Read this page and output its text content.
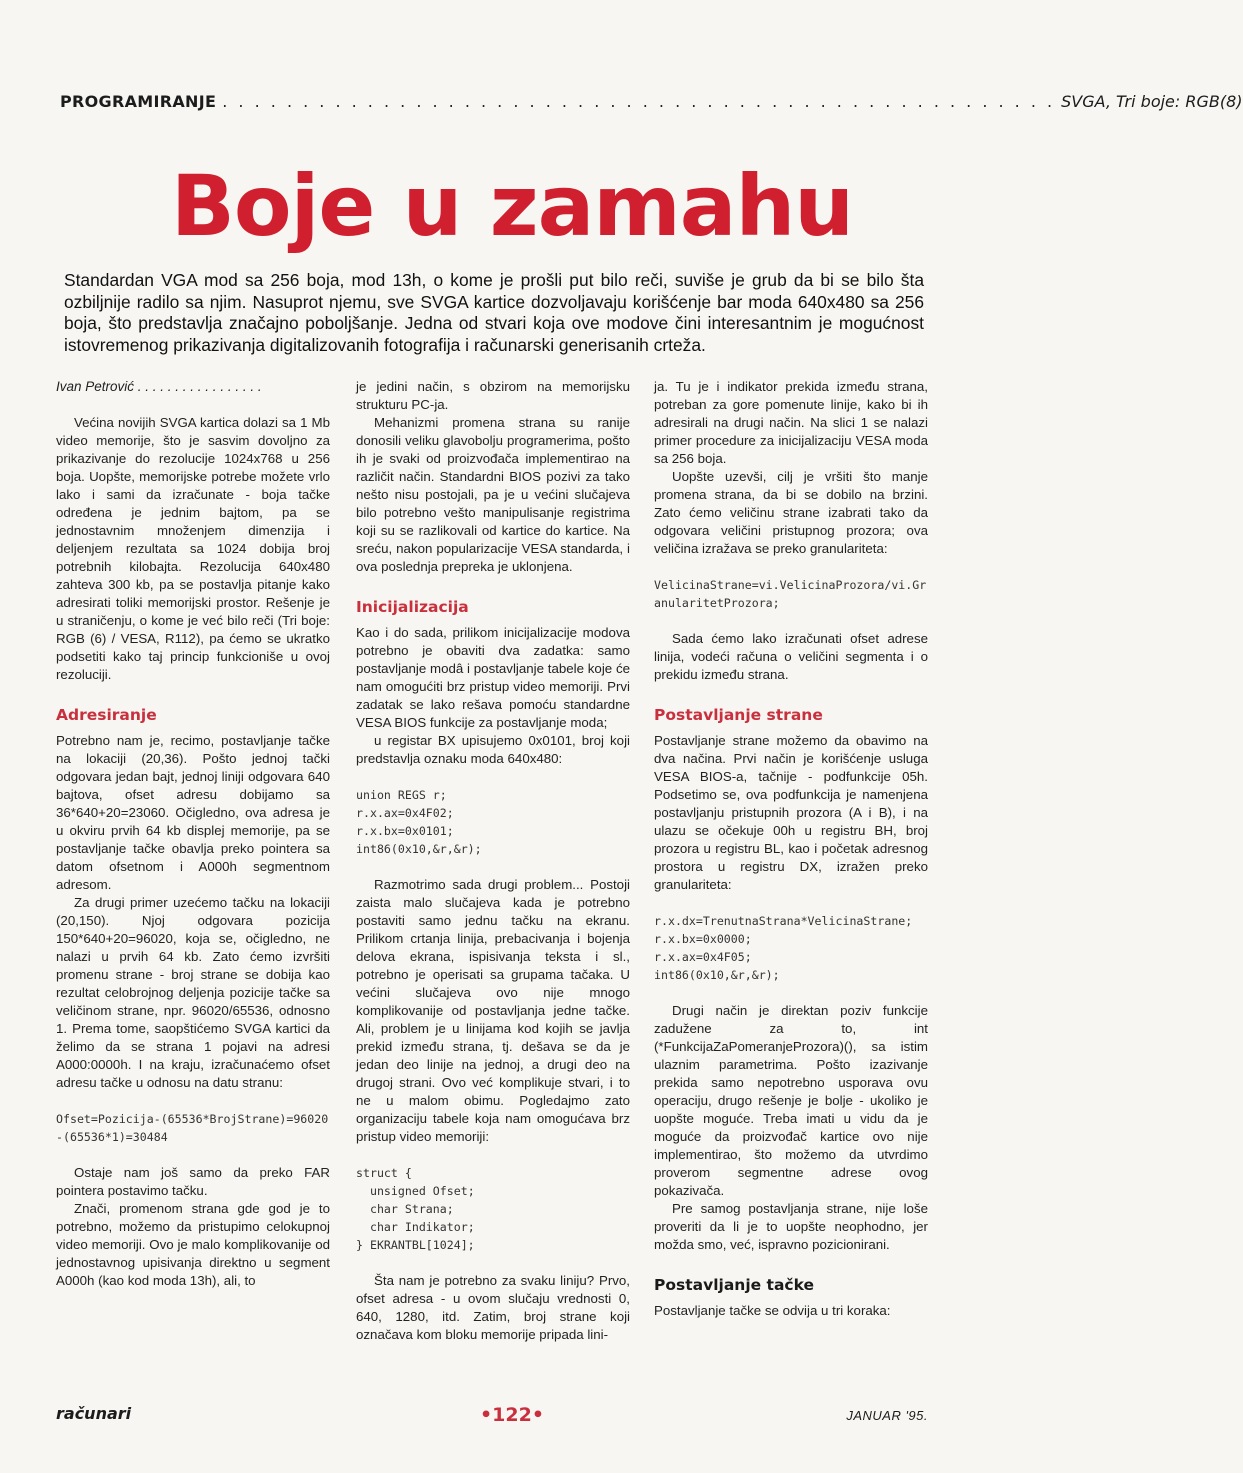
PROGRAMIRANJE . . . . . . . . . . . . . . . . . . . . . . . . . . . . . . . . . . . . . . . . . . . . . . . . . . . . SVGA, Tri boje: RGB(8)
Boje u zamahu
Standardan VGA mod sa 256 boja, mod 13h, o kome je prošli put bilo reči, suviše je grub da bi se bilo šta ozbiljnije radilo sa njim. Nasuprot njemu, sve SVGA kartice dozvoljavaju korišćenje bar moda 640x480 sa 256 boja, što predstavlja značajno poboljšanje. Jedna od stvari koja ove modove čini interesantnim je mogućnost istovremenog prikazivanja digitalizovanih fotografija i računarski generisanih crteža.
Ivan Petrović . . . . . . . . . . . . . . . . .

Većina novijih SVGA kartica dolazi sa 1 Mb video memorije, što je sasvim dovoljno za prikazivanje do rezolucije 1024x768 u 256 boja. Uopšte, memorijske potrebe možete vrlo lako i sami da izračunate - boja tačke određena je jednim bajtom, pa se jednostavnim množenjem dimenzija i deljenjem rezultata sa 1024 dobija broj potrebnih kilobajta. Rezolucija 640x480 zahteva 300 kb, pa se postavlja pitanje kako adresirati toliki memorijski prostor. Rešenje je u straničenju, o kome je već bilo reči (Tri boje: RGB (6) / VESA, R112), pa ćemo se ukratko podsetiti kako taj princip funkcioniše u ovoj rezoluciji.

Adresiranje

Potrebno nam je, recimo, postavljanje tačke na lokaciji (20,36). Pošto jednoj tački odgovara jedan bajt, jednoj liniji odgovara 640 bajtova, ofset adresu dobijamo sa 36*640+20=23060. Očigledno, ova adresa je u okviru prvih 64 kb displej memorije, pa se postavljanje tačke obavlja preko pointera sa datom ofsetnom i A000h segmentnom adresom.

Za drugi primer uzećemo tačku na lokaciji (20,150). Njoj odgovara pozicija 150*640+20=96020, koja se, očigledno, ne nalazi u prvih 64 kb. Zato ćemo izvršiti promenu strane - broj strane se dobija kao rezultat celobrojnog deljenja pozicije tačke sa veličinom strane, npr. 96020/65536, odnosno 1. Prema tome, saopštićemo SVGA kartici da želimo da se strana 1 pojavi na adresi A000:0000h. I na kraju, izračunaćemo ofset adresu tačke u odnosu na datu stranu:

Ofset=Pozicija-(65536*BrojStrane)=96020-(65536*1)=30484

Ostaje nam još samo da preko FAR pointera postavimo tačku.

Znači, promenom strana gde god je to potrebno, možemo da pristupimo celokupnoj video memoriji. Ovo je malo komplikovanije od jednostavnog upisivanja direktno u segment A000h (kao kod moda 13h), ali, to

je jedini način, s obzirom na memorijsku strukturu PC-ja.

Mehanizmi promena strana su ranije donosili veliku glavobolju programerima, pošto ih je svaki od proizvođača implementirao na različit način. Standardni BIOS pozivi za tako nešto nisu postojali, pa je u većini slučajeva bilo potrebno vešto manipulisanje registrima koji su se razlikovali od kartice do kartice. Na sreću, nakon popularizacije VESA standarda, i ova poslednja prepreka je uklonjena.

Inicijalizacija

Kao i do sada, prilikom inicijalizacije modova potrebno je obaviti dva zadatka: samo postavljanje modâ i postavljanje tabele koje će nam omogućiti brz pristup video memoriji. Prvi zadatak se lako rešava pomoću standardne VESA BIOS funkcije za postavljanje moda;

u registar BX upisujemo 0x0101, broj koji predstavlja oznaku moda 640x480:

union REGS r;
r.x.ax=0x4F02;
r.x.bx=0x0101;
int86(0x10,&r,&r);

Razmotrimo sada drugi problem... Postoji zaista malo slučajeva kada je potrebno postaviti samo jednu tačku na ekranu. Prilikom crtanja linija, prebacivanja i bojenja delova ekrana, ispisivanja teksta i sl., potrebno je operisati sa grupama tačaka. U većini slučajeva ovo nije mnogo komplikovanije od postavljanja jedne tačke. Ali, problem je u linijama kod kojih se javlja prekid između strana, tj. dešava se da je jedan deo linije na jednoj, a drugi deo na drugoj strani. Ovo već komplikuje stvari, i to ne u malom obimu. Pogledajmo zato organizaciju tabele koja nam omogućava brz pristup video memoriji:

struct {
unsigned Ofset;
char Strana;
char Indikator;
} EKRANTBL[1024];

Šta nam je potrebno za svaku liniju? Prvo, ofset adresa - u ovom slučaju vrednosti 0, 640, 1280, itd. Zatim, broj strane koji označava kom bloku memorije pripada lini-

ja. Tu je i indikator prekida između strana, potreban za gore pomenute linije, kako bi ih adresirali na drugi način. Na slici 1 se nalazi primer procedure za inicijalizaciju VESA moda sa 256 boja.

Uopšte uzevši, cilj je vršiti što manje promena strana, da bi se dobilo na brzini. Zato ćemo veličinu strane izabrati tako da odgovara veličini pristupnog prozora; ova veličina izražava se preko granulariteta:

VelicinaStrane=vi.VelicinaProzora/vi.GranularitetProzora;

Sada ćemo lako izračunati ofset adrese linija, vodeći računa o veličini segmenta i o prekidu između strana.

Postavljanje strane

Postavljanje strane možemo da obavimo na dva načina. Prvi način je korišćenje usluga VESA BIOS-a, tačnije - podfunkcije 05h. Podsetimo se, ova podfunkcija je namenjena postavljanju pristupnih prozora (A i B), i na ulazu se očekuje 00h u registru BH, broj prozora u registru BL, kao i početak adresnog prostora u registru DX, izražen preko granulariteta:

r.x.dx=TrenutnaStrana*VelicinaStrane;
r.x.bx=0x0000;
r.x.ax=0x4F05;
int86(0x10,&r,&r);

Drugi način je direktan poziv funkcije zadužene za to, int (*FunkcijaZaPomeranjeProzora)(), sa istim ulaznim parametrima. Pošto izazivanje prekida samo nepotrebno usporava ovu operaciju, drugo rešenje je bolje - ukoliko je uopšte moguće. Treba imati u vidu da je moguće da proizvođač kartice ovo nije implementirao, što možemo da utvrdimo proverom segmentne adrese ovog pokazivača.

Pre samog postavljanja strane, nije loše proveriti da li je to uopšte neophodno, jer možda smo, već, ispravno pozicionirani.

Postavljanje tačke

Postavljanje tačke se odvija u tri koraka:

računari	•122•	JANUAR '95.
